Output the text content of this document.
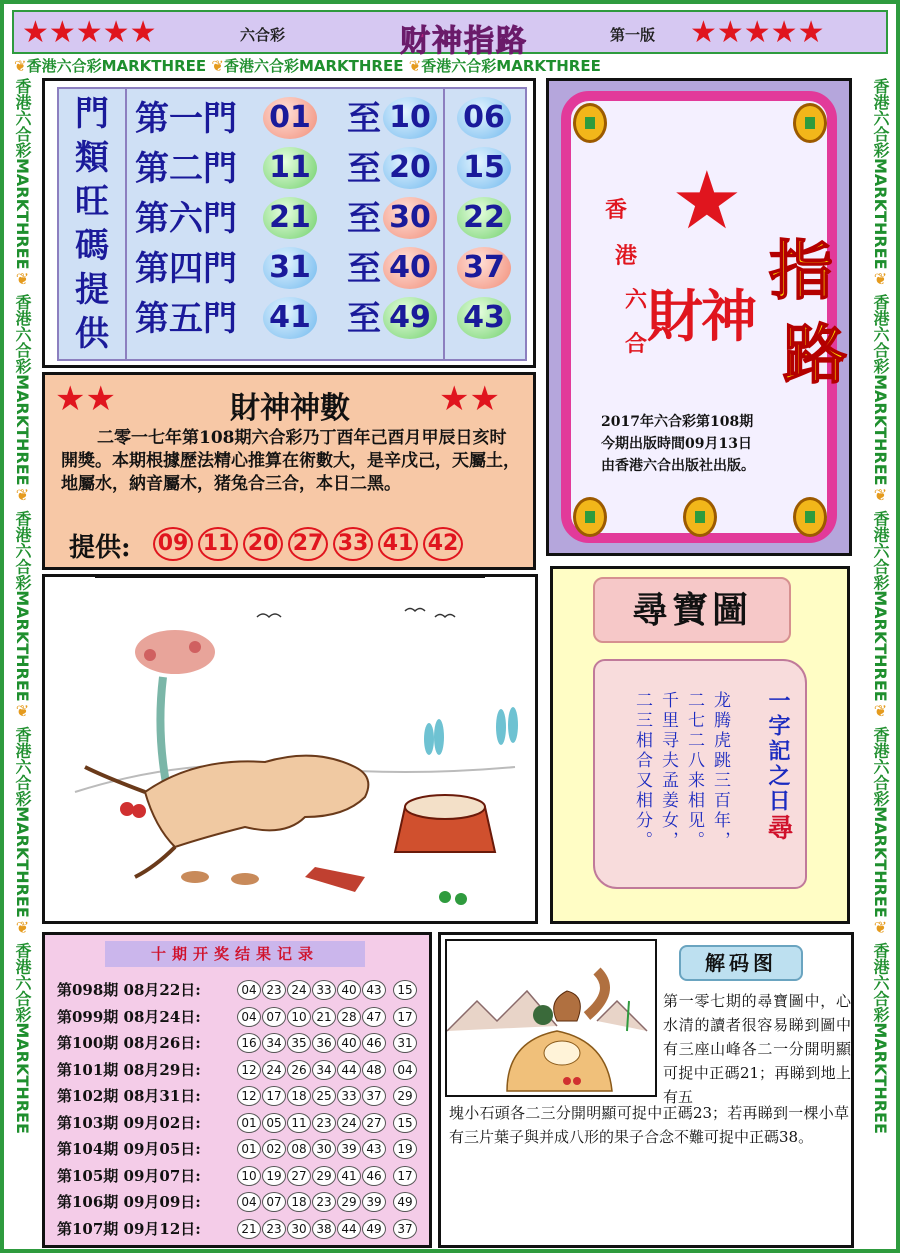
★★★★★	六合彩	财神指路	第一版 ★★★★★
❦香港六合彩MARKTHREE ❦香港六合彩MARKTHREE ❦香港六合彩MARKTHREE
香港六合彩MARKTHREE❦ 香港六合彩MARKTHREE❦ 香港六合彩MARKTHREE❦ 香港六合彩MARKTHREE❦ 香港六合彩MARKTHREE
香港六合彩MARKTHREE❦ 香港六合彩MARKTHREE❦ 香港六合彩MARKTHREE❦ 香港六合彩MARKTHREE❦ 香港六合彩MARKTHREE
門
類
旺
碼
提
供
第一門 01 至 10 06
第二門 11 至 20 15
第六門 21 至 30 22
第四門 31 至 40 37
第五門 41 至 49 43
★
香
港
六
合 財神
指
路
2017年六合彩第108期
今期出版時間09月13日
由香港六合出版社出版。
★★	財神神數	★★
二零一七年第108期六合彩乃丁酉年己酉月甲辰日亥时開獎。本期根據歷法精心推算在術數大，是辛戊己，天屬土，地屬水，納音屬木，猪兔合三合，本日二黑。
提供: 09 11 20 27 33 41 42
尋寶圖
龙腾虎跳三百年，
二七二八来相见。
千里寻夫孟姜女，
二三相合又相分。	一字記之日尋
十期开奖结果记录
第098期 08月22日:	04 23 24 33 40 43	15
第099期 08月24日:	04 07 10 21 28 47	17
第100期 08月26日:	16 34 35 36 40 46	31
第101期 08月29日:	12 24 26 34 44 48	04
第102期 08月31日:	12 17 18 25 33 37	29
第103期 09月02日:	01 05 11 23 24 27	15
第104期 09月05日:	01 02 08 30 39 43	19
第105期 09月07日:	10 19 27 29 41 46	17
第106期 09月09日:	04 07 18 23 29 39	49
第107期 09月12日:	21 23 30 38 44 49	37
解码图
第一零七期的尋寶圖中，心水清的讀者很容易睇到圖中有三座山峰各二一分開明顯可捉中正碼21；再睇到地上有五
塊小石頭各二三分開明顯可捉中正碼23；若再睇到一棵小草有三片葉子與并成八形的果子合念不難可捉中正碼38。
